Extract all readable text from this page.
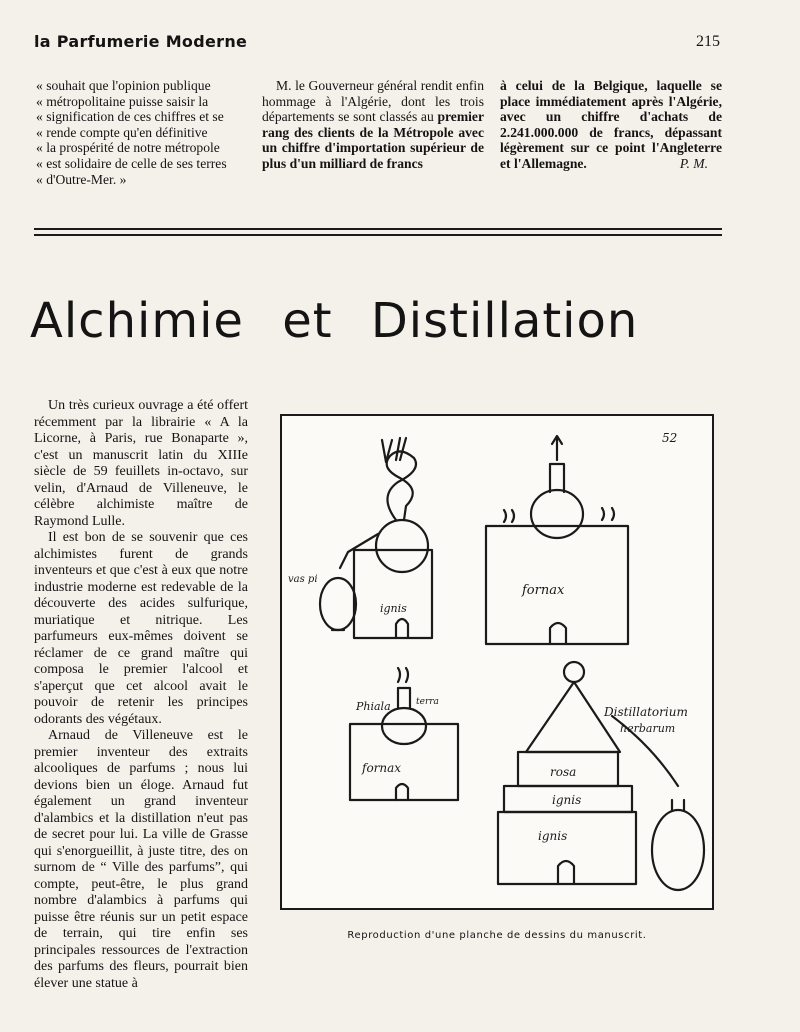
la Parfumerie Moderne	215
« souhait que l'opinion publique
« métropolitaine puisse saisir la
« signification de ces chiffres et se
« rende compte qu'en définitive
« la prospérité de notre métropole
« est solidaire de celle de ses terres
« d'Outre-Mer. »

M. le Gouverneur général rendit enfin hommage à l'Algérie, dont les trois départements se sont classés au premier rang des clients de la Métropole avec un chiffre d'importation supérieur de plus d'un milliard de francs

à celui de la Belgique, laquelle se place immédiatement après l'Algérie, avec un chiffre d'achats de 2.241.000.000 de francs, dépassant légèrement sur ce point l'Angleterre et l'Allemagne.	P. M.

Alchimie et Distillation

Un très curieux ouvrage a été offert récemment par la librairie « A la Licorne, à Paris, rue Bonaparte », c'est un manuscrit latin du XIIIe siècle de 59 feuillets in-octavo, sur velin, d'Arnaud de Villeneuve, le célèbre alchimiste maître de Raymond Lulle.

Il est bon de se souvenir que ces alchimistes furent de grands inventeurs et que c'est à eux que notre industrie moderne est redevable de la découverte des acides sulfurique, muriatique et nitrique. Les parfumeurs eux-mêmes doivent se réclamer de ce grand maître qui composa le premier l'alcool et s'aperçut que cet alcool avait le pouvoir de retenir les principes odorants des végétaux.

Arnaud de Villeneuve est le premier inventeur des extraits alcooliques de parfums ; nous lui devions bien un éloge. Arnaud fut également un grand inventeur d'alambics et la distillation n'eut pas de secret pour lui. La ville de Grasse qui s'enorgueillit, à juste titre, des on surnom de “ Ville des parfums”, qui compte, peut-être, le plus grand nombre d'alambics à parfums qui puisse être réunis sur un petit espace de terrain, qui tire enfin ses principales ressources de l'extraction des parfums des fleurs, pourrait bien élever une statue à

52
vas pi
ignis
fornax
Phiala	terra
fornax
Distillatorium
herbarum
rosa
ignis
ignis
Reproduction d'une planche de dessins du manuscrit.
